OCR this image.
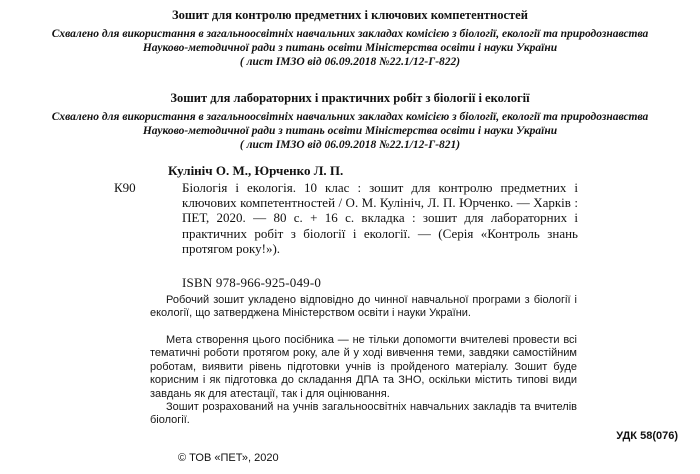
Зошит для контролю предметних і ключових компетентностей
Схвалено для використання в загальноосвітніх навчальних закладах комісією з біології, екології та природознавства
Науково-методичної ради з питань освіти Міністерства освіти і науки України
( лист ІМЗО від 06.09.2018 №22.1/12-Г-822)
Зошит для лабораторних і практичних робіт з біології і екології
Схвалено для використання в загальноосвітніх навчальних закладах комісією з біології, екології та природознавства
Науково-методичної ради з питань освіти Міністерства освіти і науки України
( лист ІМЗО від 06.09.2018 №22.1/12-Г-821)
Кулініч О. М., Юрченко Л. П.
К90	Біологія і екологія. 10 клас : зошит для контролю предметних і ключових компетентностей / О. М. Кулініч, Л. П. Юрченко. — Харків : ПЕТ, 2020. — 80 с. + 16 с. вкладка : зошит для лабораторних і практичних робіт з біології і екології. — (Серія «Контроль знань протягом року!»).
ISBN 978-966-925-049-0
Робочий зошит укладено відповідно до чинної навчальної програми з біології і екології, що затверджена Міністерством освіти і науки України.
Мета створення цього посібника — не тільки допомогти вчителеві провести всі тематичні роботи протягом року, але й у ході вивчення теми, завдяки самостійним роботам, виявити рівень підготовки учнів із пройденого матеріалу. Зошит буде корисним і як підготовка до складання ДПА та ЗНО, оскільки містить типові види завдань як для атестації, так і для оцінювання.
Зошит розрахований на учнів загальноосвітніх навчальних закладів та вчителів біології.
УДК 58(076)
© ТОВ «ПЕТ», 2020
